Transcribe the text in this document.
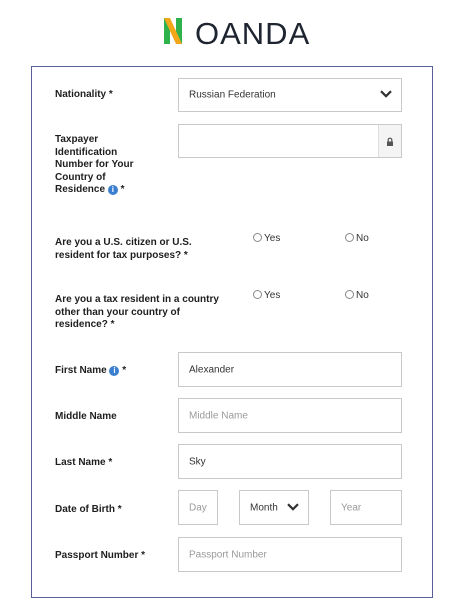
OANDA
Nationality *	Russian Federation
Taxpayer
Identification
Number for Your
Country of
Residence i *
Are you a U.S. citizen or U.S.
resident for tax purposes? *
Yes	No
Are you a tax resident in a country
other than your country of
residence? *
Yes	No
First Name i *	Alexander
Middle Name	Middle Name
Last Name *	Sky
Date of Birth *	Day	Month	Year
Passport Number *	Passport Number
